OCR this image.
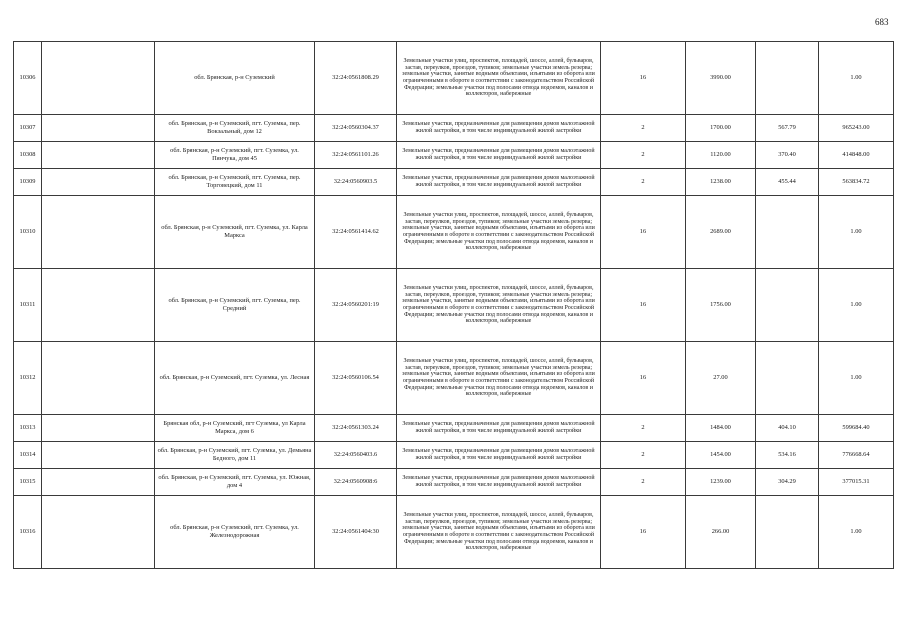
683
10306		обл. Брянская, р-н Суземский	32:24:0561808.29	Земельные участки улиц, проспектов, площадей, шоссе, аллей, бульваров, застав, переулков, проездов, тупиков; земельные участки земель резерва; земельные участки, занятые водными объектами, изъятыми из оборота или ограниченными в обороте в соответствии с законодательством Российской Федерации; земельные участки под полосами отвода водоемов, каналов и коллекторов, набережные	16	3990.00		1.00
10307		обл. Брянская, р-н Суземский, пгт. Суземка, пер. Вокзальный, дом 12	32:24:0560304.37	Земельные участки, предназначенные для размещения домов малоэтажной жилой застройки, в том числе индивидуальной жилой застройки	2	1700.00	567.79	965243.00
10308		обл. Брянская, р-н Суземский, пгт. Суземка, ул. Пянчука, дом 45	32:24:0561101.26	Земельные участки, предназначенные для размещения домов малоэтажной жилой застройки, в том числе индивидуальной жилой застройки	2	1120.00	370.40	414848.00
10309		обл. Брянская, р-н Суземский, пгт. Суземка, пер. Торговецкий, дом 11	32:24:0560903.5	Земельные участки, предназначенные для размещения домов малоэтажной жилой застройки, в том числе индивидуальной жилой застройки	2	1238.00	455.44	563834.72
10310		обл. Брянская, р-н Суземский, пгт. Суземка, ул. Карла Маркса	32:24:0561414.62	Земельные участки улиц, проспектов, площадей, шоссе, аллей, бульваров, застав, переулков, проездов, тупиков; земельные участки земель резерва; земельные участки, занятые водными объектами, изъятыми из оборота или ограниченными в обороте в соответствии с законодательством Российской Федерации; земельные участки под полосами отвода водоемов, каналов и коллекторов, набережные	16	2689.00		1.00
10311		обл. Брянская, р-н Суземский, пгт. Суземка, пер. Средний	32:24:0560201:19	Земельные участки улиц, проспектов, площадей, шоссе, аллей, бульваров, застав, переулков, проездов, тупиков; земельные участки земель резерва; земельные участки, занятые водными объектами, изъятыми из оборота или ограниченными в обороте в соответствии с законодательством Российской Федерации; земельные участки под полосами отвода водоемов, каналов и коллекторов, набережные	16	1756.00		1.00
10312		обл. Брянская, р-н Суземский, пгт. Суземка, ул. Лесная	32:24:0560106.54	Земельные участки улиц, проспектов, площадей, шоссе, аллей, бульваров, застав, переулков, проездов, тупиков; земельные участки земель резерва; земельные участки, занятые водными объектами, изъятыми из оборота или ограниченными в обороте в соответствии с законодательством Российской Федерации; земельные участки под полосами отвода водоемов, каналов и коллекторов, набережные	16	27.00		1.00
10313		Брянская обл, р-н Суземский, пгт Суземка, ул Карла Маркса, дом 6	32:24:0561303.24	Земельные участки, предназначенные для размещения домов малоэтажной жилой застройки, в том числе индивидуальной жилой застройки	2	1484.00	404.10	599684.40
10314		обл. Брянская, р-н Суземский, пгт. Суземка, ул. Демьяна Бедного, дом 11	32:24:0560403.6	Земельные участки, предназначенные для размещения домов малоэтажной жилой застройки, в том числе индивидуальной жилой застройки	2	1454.00	534.16	776668.64
10315		обл. Брянская, р-н Суземский, пгт. Суземка, ул. Южная, дом 4	32:24:0560908:6	Земельные участки, предназначенные для размещения домов малоэтажной жилой застройки, в том числе индивидуальной жилой застройки	2	1239.00	304.29	377015.31
10316		обл. Брянская, р-н Суземский, пгт. Суземка, ул. Железнодорожная	32:24:0561404:30	Земельные участки улиц, проспектов, площадей, шоссе, аллей, бульваров, застав, переулков, проездов, тупиков; земельные участки земель резерва; земельные участки, занятые водными объектами, изъятыми из оборота или ограниченными в обороте в соответствии с законодательством Российской Федерации; земельные участки под полосами отвода водоемов, каналов и коллекторов, набережные	16	266.00		1.00
